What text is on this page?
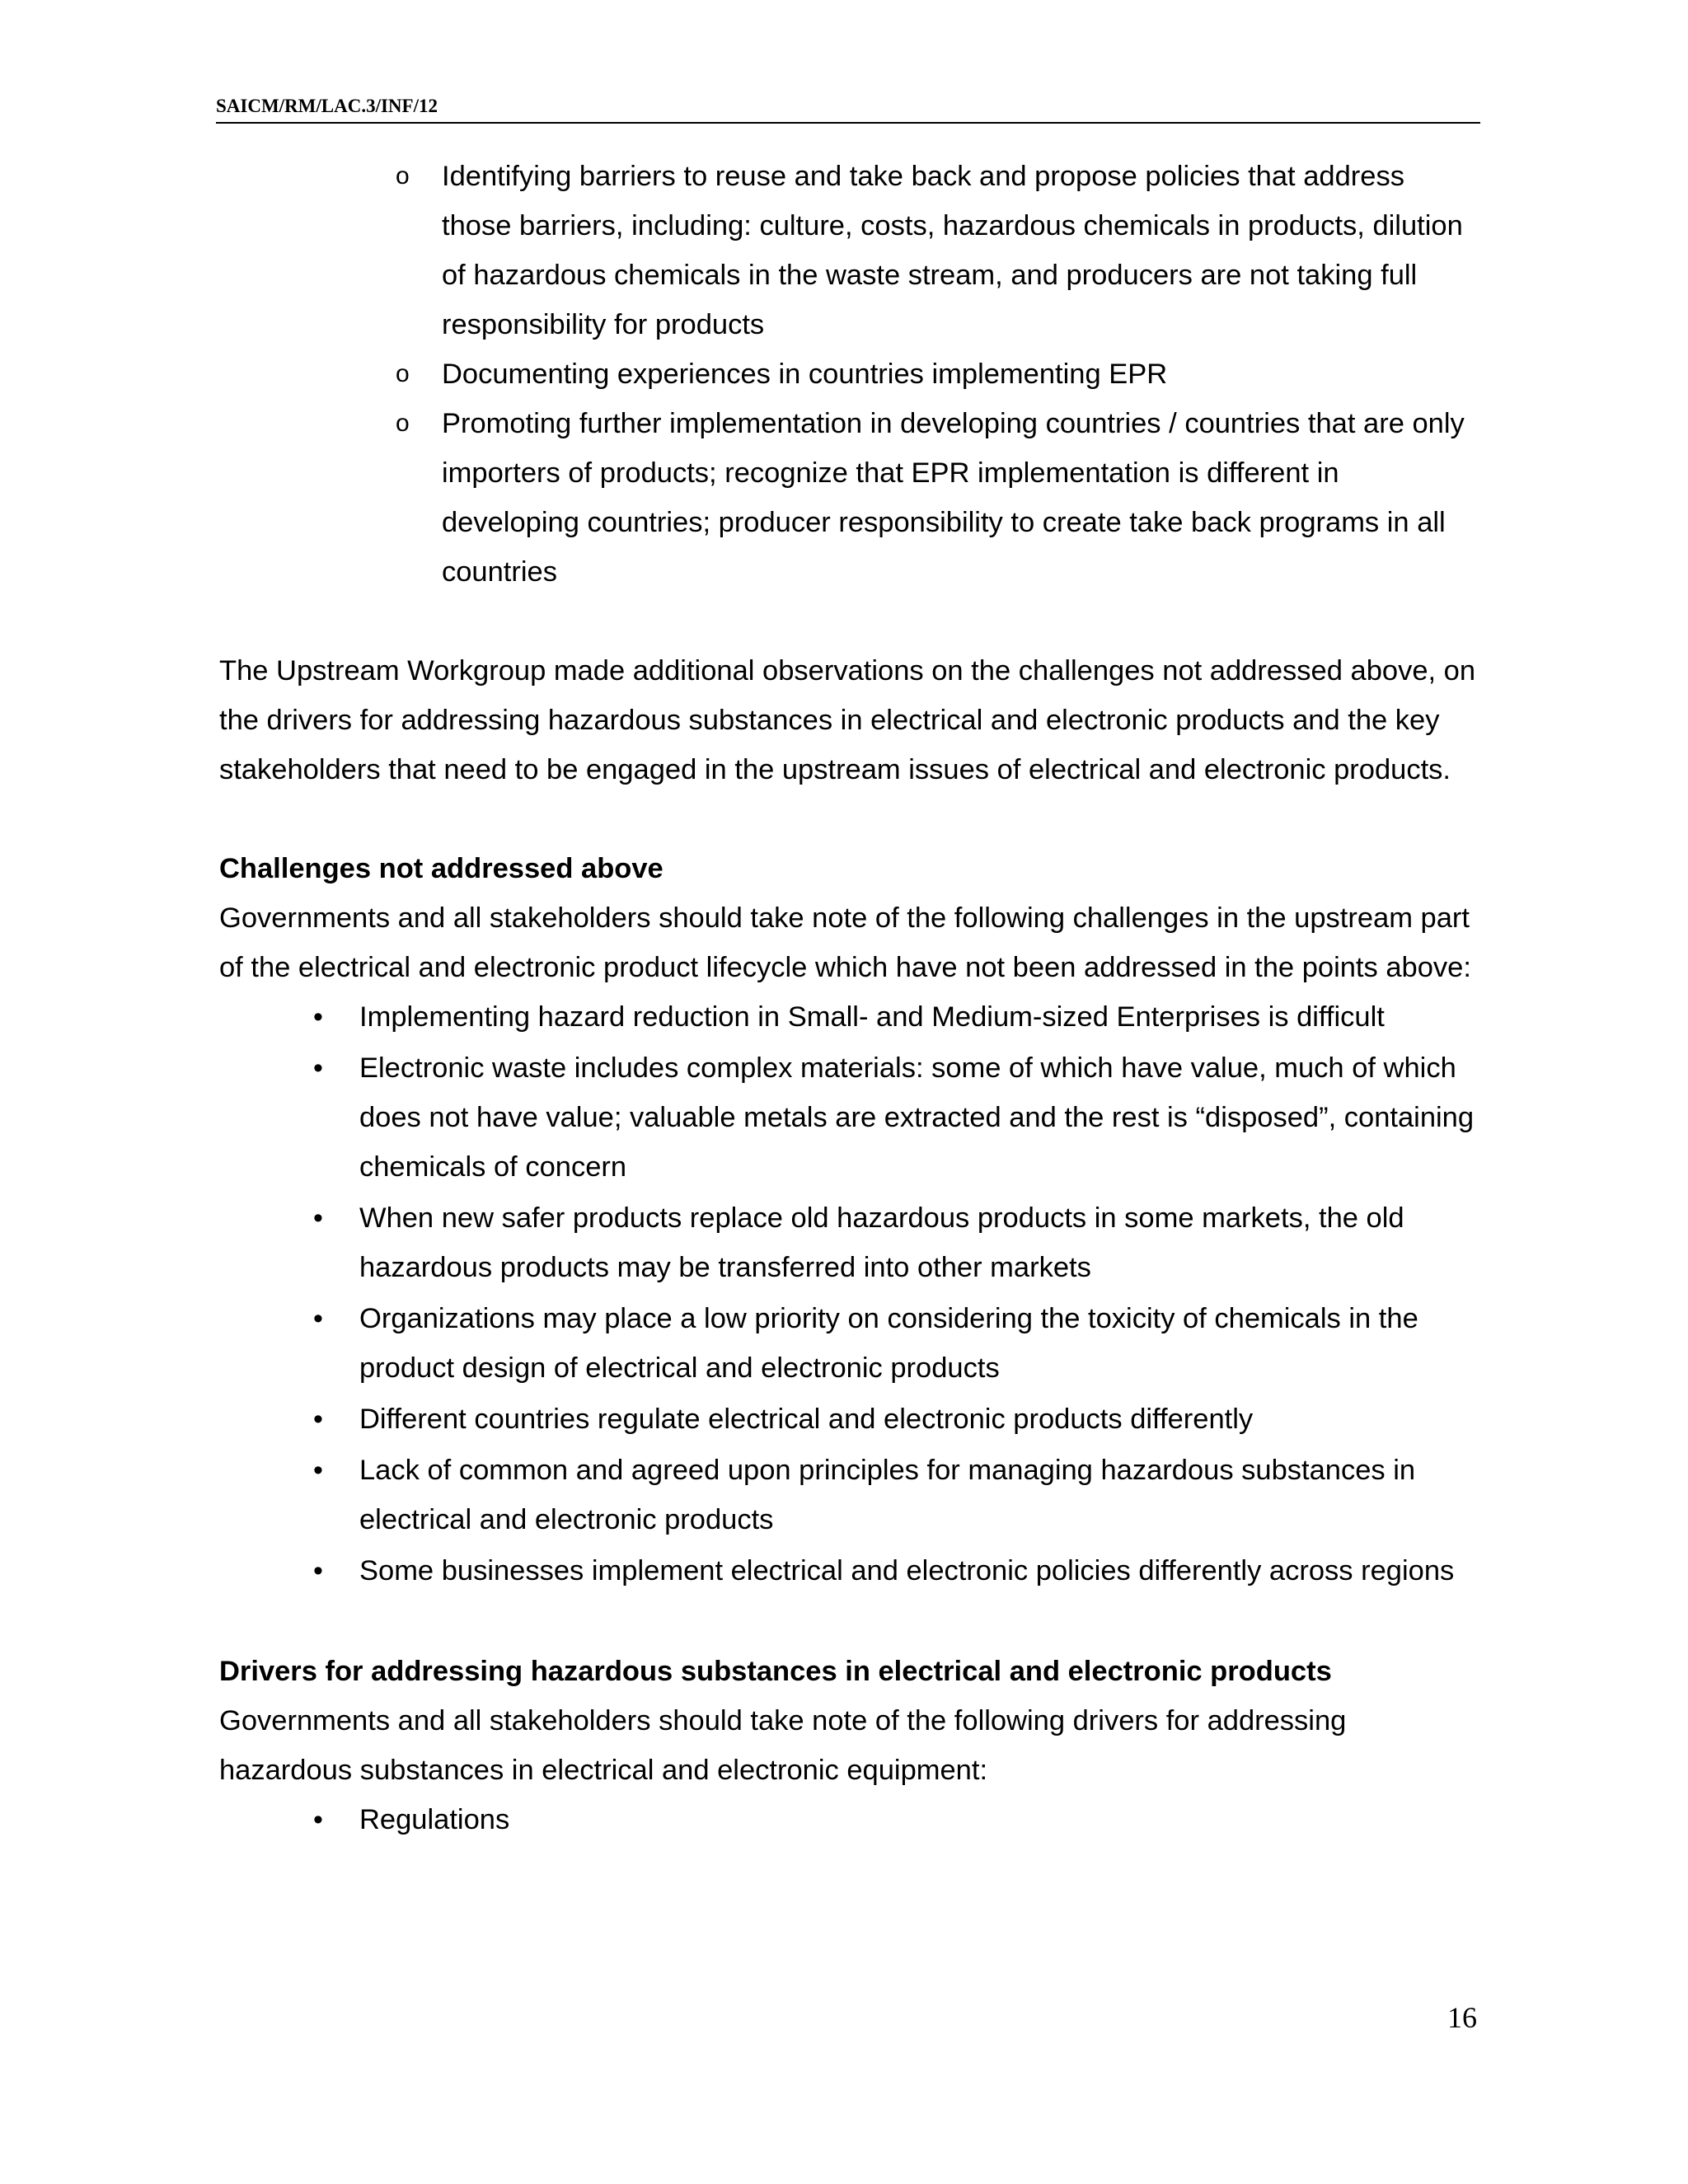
SAICM/RM/LAC.3/INF/12
o Identifying barriers to reuse and take back and propose policies that address those barriers, including: culture, costs, hazardous chemicals in products, dilution of hazardous chemicals in the waste stream, and producers are not taking full responsibility for products
o Documenting experiences in countries implementing EPR
o Promoting further implementation in developing countries / countries that are only importers of products; recognize that EPR implementation is different in developing countries; producer responsibility to create take back programs in all countries

The Upstream Workgroup made additional observations on the challenges not addressed above, on the drivers for addressing hazardous substances in electrical and electronic products and the key stakeholders that need to be engaged in the upstream issues of electrical and electronic products.

Challenges not addressed above

Governments and all stakeholders should take note of the following challenges in the upstream part of the electrical and electronic product lifecycle which have not been addressed in the points above:

• Implementing hazard reduction in Small- and Medium-sized Enterprises is difficult
• Electronic waste includes complex materials: some of which have value, much of which does not have value; valuable metals are extracted and the rest is “disposed”, containing chemicals of concern
• When new safer products replace old hazardous products in some markets, the old hazardous products may be transferred into other markets
• Organizations may place a low priority on considering the toxicity of chemicals in the product design of electrical and electronic products
• Different countries regulate electrical and electronic products differently
• Lack of common and agreed upon principles for managing hazardous substances in electrical and electronic products
• Some businesses implement electrical and electronic policies differently across regions

Drivers for addressing hazardous substances in electrical and electronic products

Governments and all stakeholders should take note of the following drivers for addressing hazardous substances in electrical and electronic equipment:

• Regulations
16
